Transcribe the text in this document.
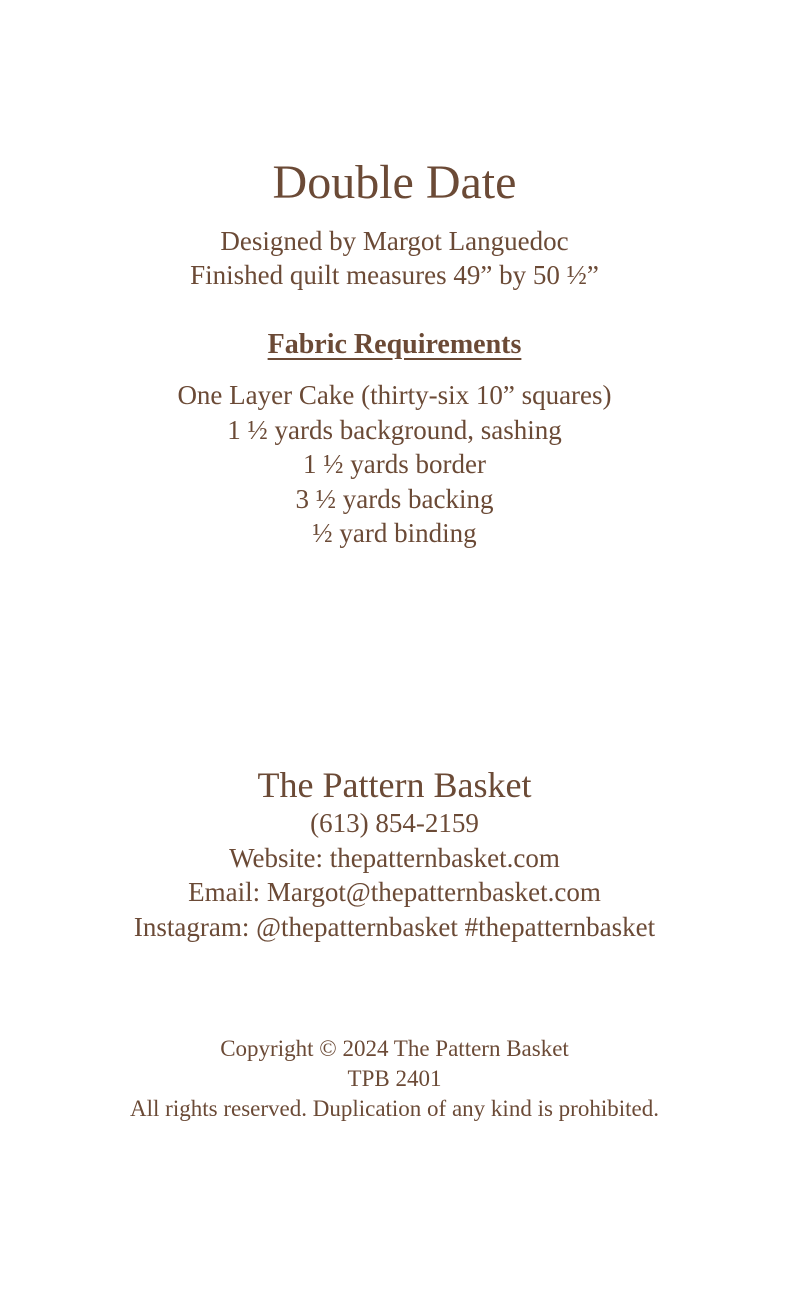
Double Date
Designed by Margot Languedoc
Finished quilt measures 49” by 50 ½”
Fabric Requirements
One Layer Cake (thirty-six 10” squares)
1 ½ yards background, sashing
1 ½ yards border
3 ½ yards backing
½ yard binding
The Pattern Basket
(613) 854-2159
Website: thepatternbasket.com
Email: Margot@thepatternbasket.com
Instagram: @thepatternbasket #thepatternbasket
Copyright © 2024 The Pattern Basket
TPB 2401
All rights reserved. Duplication of any kind is prohibited.
